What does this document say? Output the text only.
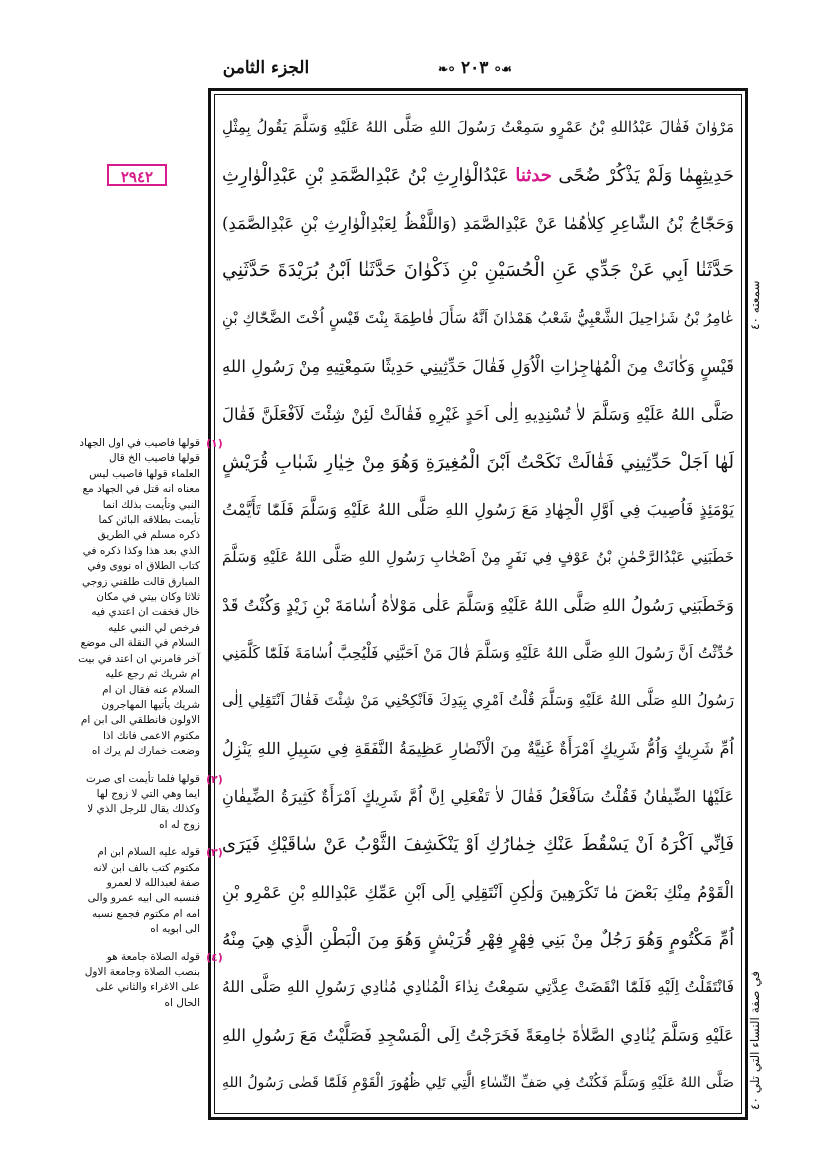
الجزء الثامن	❧⸰ ٢٠٣ ⸰☙
٢٩٤٢
مَرْوٰانَ فَقٰالَ عَبْدُاللهِ بْنُ عَمْرٍو سَمِعْتُ رَسُولَ اللهِ صَلَّى اللهُ عَلَيْهِ وَسَلَّمَ يَقُولُ بِمِثْلِ
حَدِيثِهِمٰا وَلَمْ يَذْكُرْ ضُحًى حدثنا عَبْدُالْوٰارِثِ بْنُ عَبْدِالصَّمَدِ بْنِ عَبْدِالْوٰارِثِ
وَحَجّٰاجُ بْنُ الشّٰاعِرِ كِلاٰهُمٰا عَنْ عَبْدِالصَّمَدِ (وَاللَّفْظُ لِعَبْدِالْوٰارِثِ بْنِ عَبْدِالصَّمَدِ)
حَدَّثَنٰا اَبِي عَنْ جَدِّي عَنِ الْحُسَيْنِ بْنِ ذَكْوٰانَ حَدَّثَنٰا اَبْنُ بُرَيْدَةَ حَدَّثَنِي
عٰامِرُ بْنُ شَرٰاحِيلَ الشَّعْبِيُّ شَعْبُ هَمْدٰانَ اَنَّهُ سَأَلَ فٰاطِمَةَ بِنْتَ قَيْسٍ اُخْتَ الضَّحّٰاكِ بْنِ
قَيْسٍ وَكٰانَتْ مِنَ الْمُهٰاجِرٰاتِ الْاُوَلِ فَقٰالَ حَدِّثِينِي حَدِيثًا سَمِعْتِيهِ مِنْ رَسُولِ اللهِ
صَلَّى اللهُ عَلَيْهِ وَسَلَّمَ لاٰ تُسْنِدِيهِ اِلٰى اَحَدٍ غَيْرِهِ فَقٰالَتْ لَئِنْ شِئْتَ لَاَفْعَلَنَّ فَقٰالَ
لَهٰا اَجَلْ حَدِّثِينِي فَقٰالَتْ نَكَحْتُ اَبْنَ الْمُغِيرَةِ وَهُوَ مِنْ خِيٰارِ شَبٰابِ قُرَيْشٍ
يَوْمَئِذٍ فَاُصِيبَ فِي اَوَّلِ الْجِهٰادِ مَعَ رَسُولِ اللهِ صَلَّى اللهُ عَلَيْهِ وَسَلَّمَ فَلَمّٰا تَأَيَّمْتُ
خَطَبَنِي عَبْدُالرَّحْمٰنِ بْنُ عَوْفٍ فِي نَفَرٍ مِنْ اَصْحٰابِ رَسُولِ اللهِ صَلَّى اللهُ عَلَيْهِ وَسَلَّمَ
وَخَطَبَنِي رَسُولُ اللهِ صَلَّى اللهُ عَلَيْهِ وَسَلَّمَ عَلٰى مَوْلاٰهُ اُسٰامَةَ بْنِ زَيْدٍ وَكُنْتُ قَدْ
حُدِّثْتُ اَنَّ رَسُولَ اللهِ صَلَّى اللهُ عَلَيْهِ وَسَلَّمَ قٰالَ مَنْ اَحَبَّنِي فَلْيُحِبَّ اُسٰامَةَ فَلَمّٰا كَلَّمَنِي
رَسُولُ اللهِ صَلَّى اللهُ عَلَيْهِ وَسَلَّمَ قُلْتُ اَمْرِي بِيَدِكَ فَاَنْكِحْنِي مَنْ شِئْتَ فَقٰالَ اَنْتَقِلِي اِلٰى
اُمِّ شَرِيكٍ وَاُمُّ شَرِيكٍ اَمْرَأَةٌ غَنِيَّةٌ مِنَ الْاَنْصٰارِ عَظِيمَةُ النَّفَقَةِ فِي سَبِيلِ اللهِ يَنْزِلُ
عَلَيْهٰا الضِّيفٰانُ فَقُلْتُ سَاَفْعَلُ فَقٰالَ لاٰ تَفْعَلِي اِنَّ اُمَّ شَرِيكٍ اَمْرَأَةٌ كَثِيرَةُ الضِّيفٰانِ
فَاِنِّي اَكْرَهُ اَنْ يَسْقُطَ عَنْكِ خِمٰارُكِ اَوْ يَنْكَشِفَ الثَّوْبُ عَنْ سٰاقَيْكِ فَيَرَى
الْقَوْمُ مِنْكِ بَعْضَ مٰا تَكْرَهِينَ وَلٰكِنِ اَنْتَقِلِي اِلَى اَبْنِ عَمِّكِ عَبْدِاللهِ بْنِ عَمْرِو بْنِ
اُمِّ مَكْتُومٍ وَهُوَ رَجُلٌ مِنْ بَنِي فِهْرٍ فِهْرِ قُرَيْشٍ وَهُوَ مِنَ الْبَطْنِ الَّذِي هِيَ مِنْهُ
فَانْتَقَلْتُ اِلَيْهِ فَلَمّٰا انْقَضَتْ عِدَّتِي سَمِعْتُ نِدٰاءَ الْمُنٰادِي مُنٰادِي رَسُولِ اللهِ صَلَّى اللهُ
عَلَيْهِ وَسَلَّمَ يُنٰادِي الصَّلاٰةَ جٰامِعَةً فَخَرَجْتُ اِلَى الْمَسْجِدِ فَصَلَّيْتُ مَعَ رَسُولِ اللهِ
صَلَّى اللهُ عَلَيْهِ وَسَلَّمَ فَكُنْتُ فِي صَفِّ النِّسٰاءِ الَّتِي تَلِي ظُهُورَ الْقَوْمِ فَلَمّٰا قَضٰى رَسُولُ اللهِ
سمعته ٤٠
في صفة النساء التي تلي ٤٠
(١)
قولها فاصيب في اول الجهاد قولها فاصيب الخ قال العلماء قولها فاصيب ليس معناه انه قتل في الجهاد مع النبي وتأيمت بذلك انما تأيمت بطلاقه البائن كما ذكره مسلم في الطريق الذي بعد هذا وكذا ذكره في كتاب الطلاق اه نووى وفي المبارق قالت طلقني زوجي ثلاثا وكان بيتي في مكان خال فخفت ان اعتدي فيه فرخص لي النبي عليه السلام في النقلة الى موضع آخر فامرني ان اعتد في بيت ام شريك ثم رجع عليه السلام عنه فقال ان ام شريك يأتيها المهاجرون الاولون فانطلقي الى ابن ام مكتوم الاعمى فانك اذا وضعت خمارك لم يرك اه
(٢)
قولها فلما تأيمت اى صرت ايما وهي التي لا زوج لها وكذلك يقال للرجل الذي لا زوج له اه
(٣)
قوله عليه السلام ابن ام مكتوم كتب بالف ابن لانه صفة لعبدالله لا لعمرو فنسبه الى ابيه عمرو والى امه ام مكتوم فجمع نسبه الى ابويه اه
(٤)
قوله الصلاة جامعة هو بنصب الصلاة وجامعة الاول على الاغراء والثاني على الحال اه
